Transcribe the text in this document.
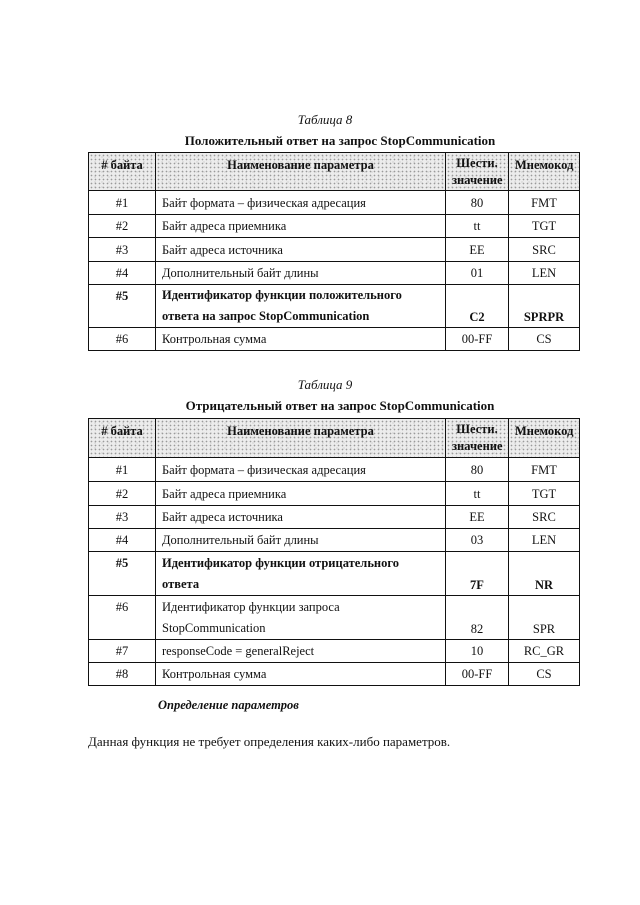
Таблица 8
Положительный ответ на запрос StopCommunication
# байта	Наименование параметра	Шести.
значение	Мнемокод
#1	Байт формата – физическая адресация	80	FMT
#2	Байт адреса приемника	tt	TGT
#3	Байт адреса источника	EE	SRC
#4	Дополнительный байт длины	01	LEN
#5	Идентификатор функции положительного
ответа на запрос StopCommunication	C2	SPRPR
#6	Контрольная сумма	00-FF	CS
Таблица 9
Отрицательный ответ на запрос StopCommunication
# байта	Наименование параметра	Шести.
значение	Мнемокод
#1	Байт формата – физическая адресация	80	FMT
#2	Байт адреса приемника	tt	TGT
#3	Байт адреса источника	EE	SRC
#4	Дополнительный байт длины	03	LEN
#5	Идентификатор функции отрицательного
ответа	7F	NR
#6	Идентификатор функции запроса
StopCommunication	82	SPR
#7	responseCode = generalReject	10	RC_GR
#8	Контрольная сумма	00-FF	CS
Определение параметров
Данная функция не требует определения каких-либо параметров.
